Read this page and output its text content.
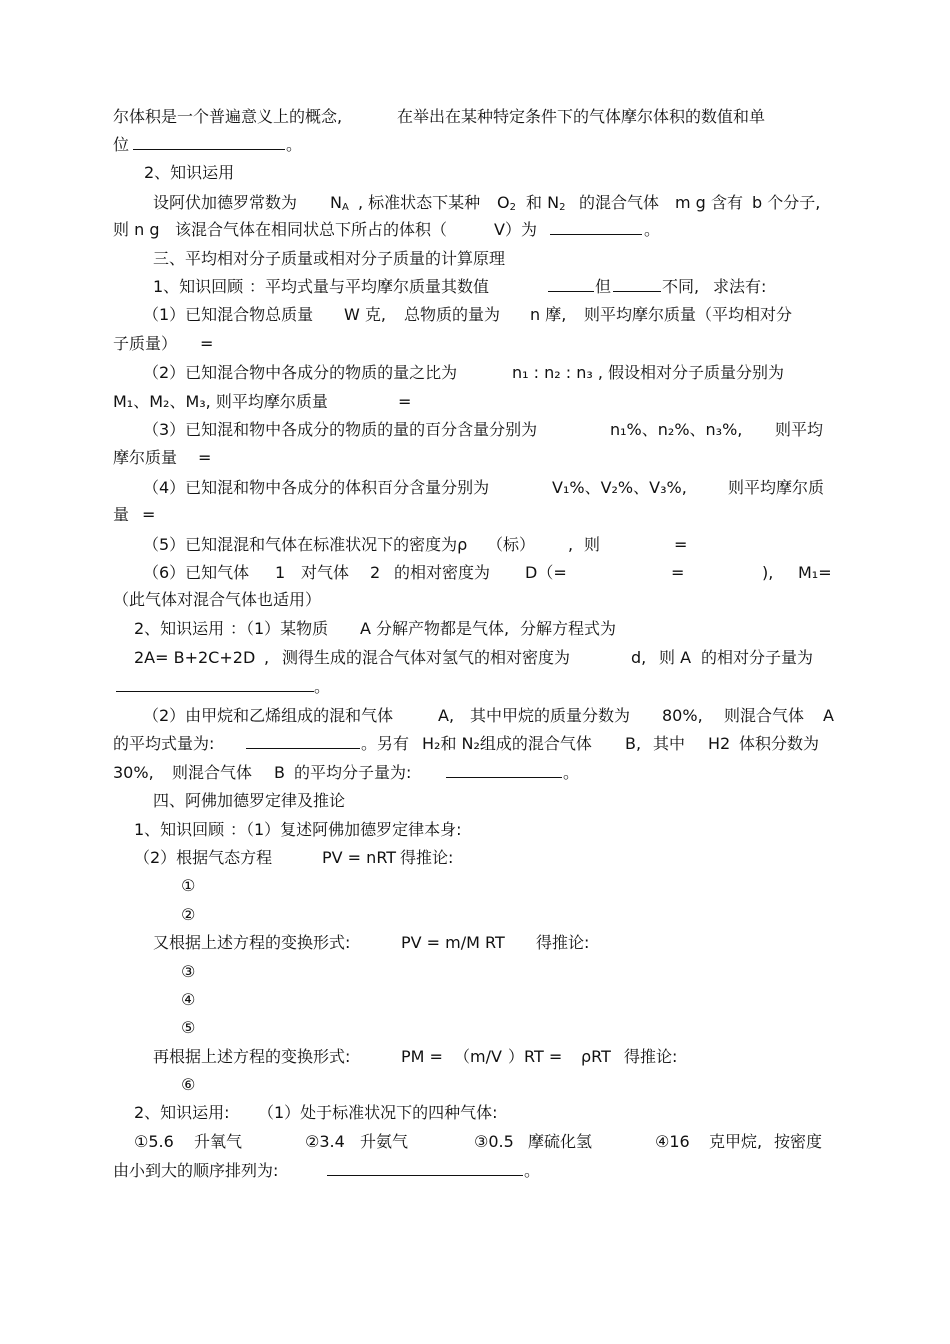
尔体积是一个普遍意义上的概念,	在举出在某种特定条件下的气体摩尔体积的数值和单
位	。
2、知识运用
设阿伏加德罗常数为 $N_A$ , 标准状态下某种 $O_2$ 和 $N_2$ 的混合气体 m g 含有 b 个分子,
则 n g 该混合气体在相同状总下所占的体积（	V）为	。
三、平均相对分子质量或相对分子质量的计算原理
1、知识回顾 ：平均式量与平均摩尔质量其数值	但	不同, 求法有:
（1）已知混合物总质量 W 克, 总物质的量为 n 摩, 则平均摩尔质量（平均相对分
子质量） =
（2）已知混合物中各成分的物质的量之比为	n₁ : n₂ : n₃ , 假设相对分子质量分别为
M₁、M₂、M₃, 则平均摩尔质量	=
（3）已知混和物中各成分的物质的量的百分含量分别为	n₁%、n₂%、n₃%, 则平均
摩尔质量 =
（4）已知混和物中各成分的体积百分含量分别为	V₁%、V₂%、V₃%,	则平均摩尔质
量 =
（5）已知混混和气体在标准状况下的密度为ρ （标） , 则	=
（6）已知气体 1 对气体 2 的相对密度为 D（=	=	), M₁=
（此气体对混合气体也适用）
2、知识运用 ：（1）某物质 A 分解产物都是气体, 分解方程式为
2A= B+2C+2D , 测得生成的混合气体对氢气的相对密度为	d, 则 A 的相对分子量为
。
（2）由甲烷和乙烯组成的混和气体	A, 其中甲烷的质量分数为 80%, 则混合气体 A
的平均式量为:	。另有 H₂和 N₂组成的混合气体 B, 其中 H2 体积分数为
30%, 则混合气体 B 的平均分子量为:	。
四、阿佛加德罗定律及推论
1、知识回顾 ：（1）复述阿佛加德罗定律本身:
（2）根据气态方程	PV = nRT 得推论:
①
②
又根据上述方程的变换形式:	PV = m/M RT 得推论:
③
④
⑤
再根据上述方程的变换形式:	PM = （m/V ）RT = ρRT 得推论:
⑥
2、知识运用: （1）处于标准状况下的四种气体:
①5.6 升氧气	②3.4 升氨气	③0.5 摩硫化氢	④16 克甲烷, 按密度
由小到大的顺序排列为:	。
